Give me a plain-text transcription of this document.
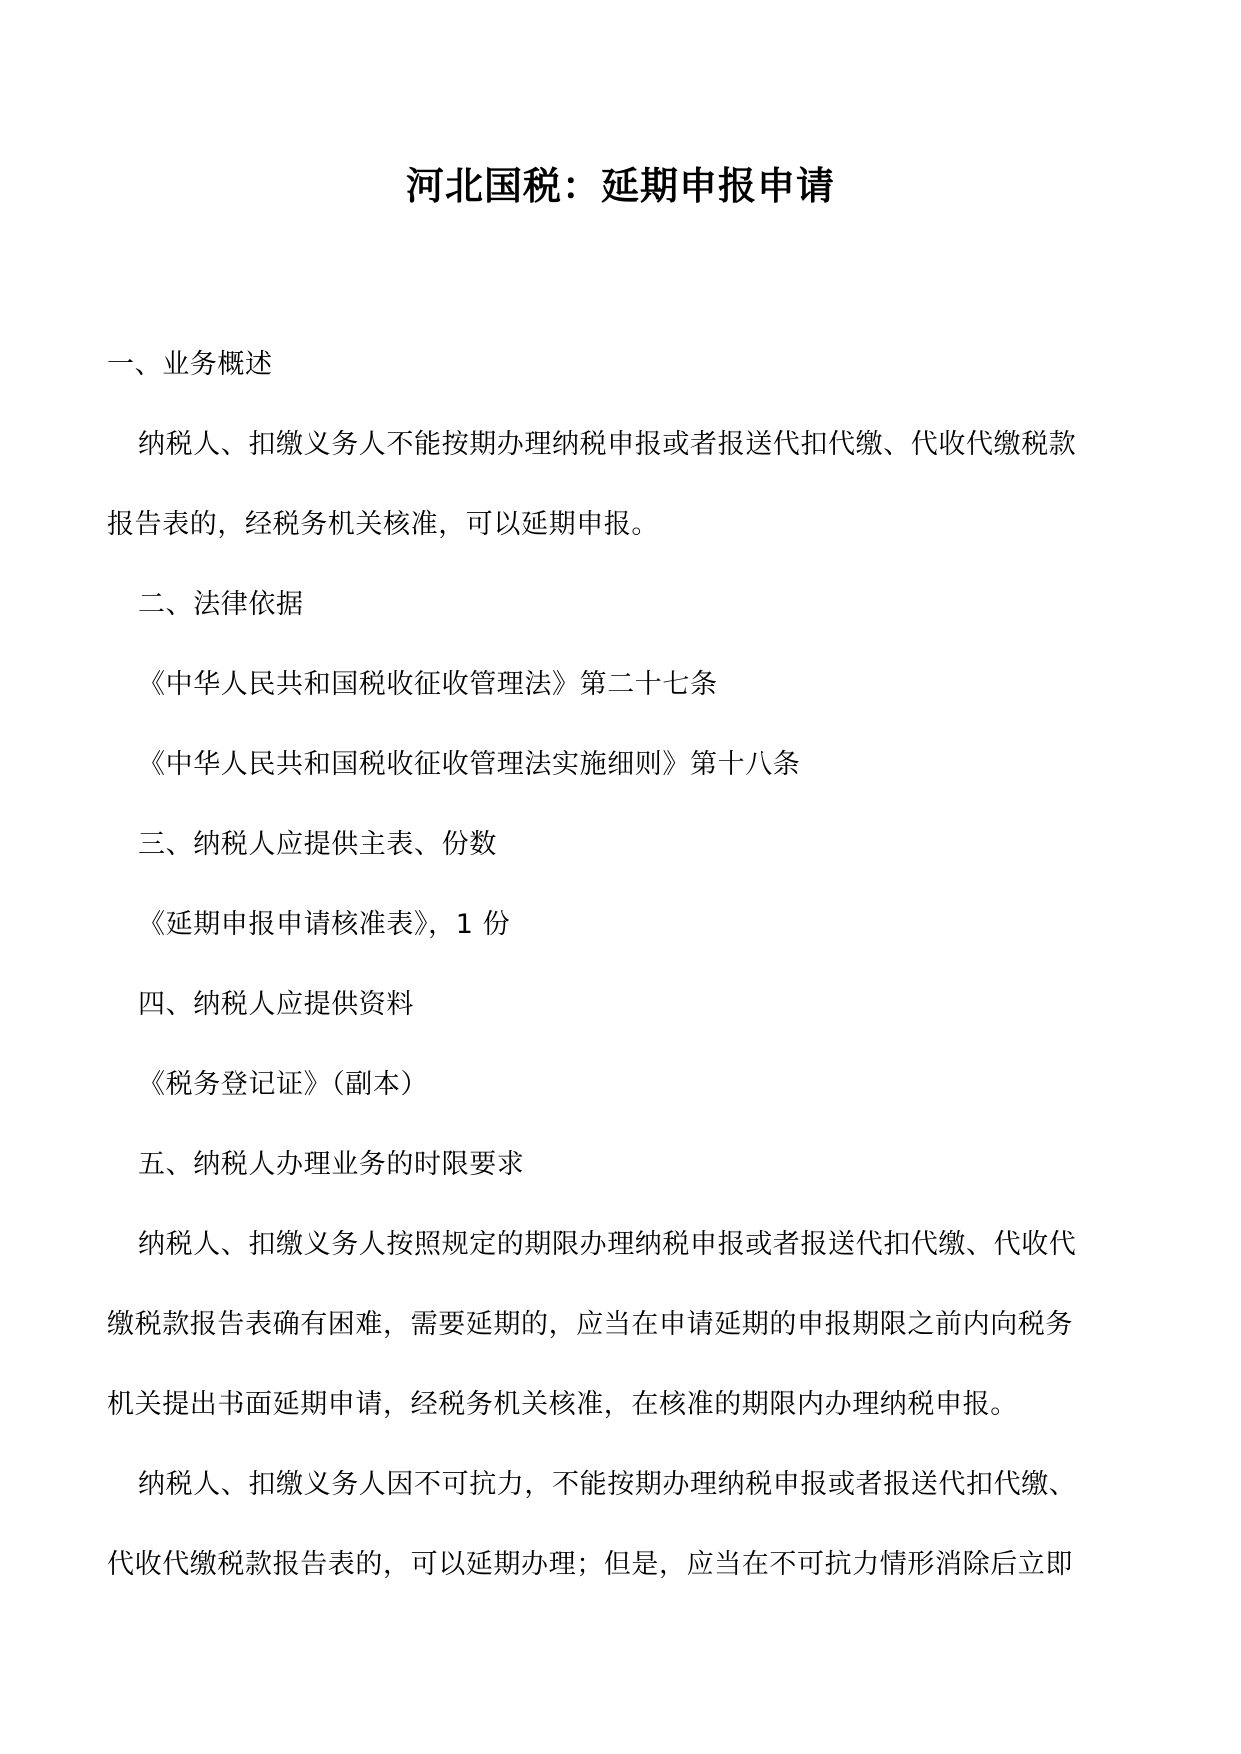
河北国税：延期申报申请
一、业务概述
纳税人、扣缴义务人不能按期办理纳税申报或者报送代扣代缴、代收代缴税款
报告表的，经税务机关核准，可以延期申报。
二、法律依据
《中华人民共和国税收征收管理法》第二十七条
《中华人民共和国税收征收管理法实施细则》第十八条
三、纳税人应提供主表、份数
《延期申报申请核准表》，1 份
四、纳税人应提供资料
《税务登记证》（副本）
五、纳税人办理业务的时限要求
纳税人、扣缴义务人按照规定的期限办理纳税申报或者报送代扣代缴、代收代
缴税款报告表确有困难，需要延期的，应当在申请延期的申报期限之前内向税务
机关提出书面延期申请，经税务机关核准，在核准的期限内办理纳税申报。
纳税人、扣缴义务人因不可抗力，不能按期办理纳税申报或者报送代扣代缴、
代收代缴税款报告表的，可以延期办理；但是，应当在不可抗力情形消除后立即
